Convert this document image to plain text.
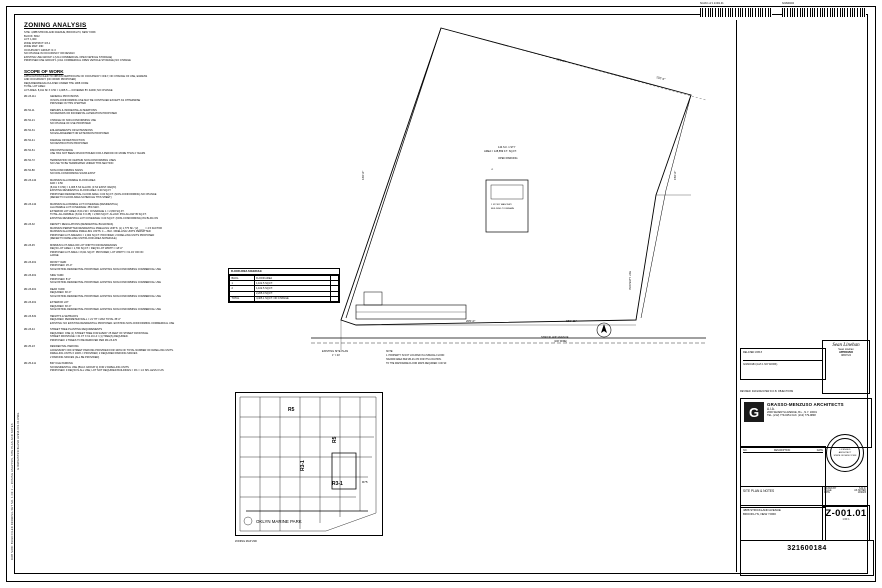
SCAN 1 of 1 Z-001.01	321600184
DOB NOW: BUILD FILED DRAWING SET NO. 1 OF 1 — ZONING ANALYSIS, SITE PLAN AND NOTES G:\DWG\STRICKLAND AVE\Z-001.01.DWG
ZONING ANALYSIS
SITE: 4,888 STRICKLAND AVENUE, BROOKLYN, NEW YORK
BLOCK: 8612
LOT: 1,000
ZONE DISTRICT: R3-1
ZONE MAP: 23D
OCCUPANCY GROUP: R-3
NO CHANGE IN OCCUPANCY OR DESIGN
EXISTING USE GROUP 1 (UG1 COMMERCIAL OPEN VEHICLE STORAGE)
PROPOSED USE GROUP 1 (UG1 COMMERCIAL OPEN VEHICLE STORAGE) NO CHANGE
SCOPE OF WORK
APPLICATION FILED TO OBTAIN CERTIFICATE OF OCCUPANCY ONLY; NO CHANGE OF USE, EGRESS
AND OCCUPANCY (NO WORK PROPOSED)
REQUIRED/RECALCULATED UNDER THE 1968 CODE
TOTAL LOT AREA:
LOT AREA: 8,011 SF X 0.50 = 4,005.5 — COVERED BY ZARD; NO CHANGE
ZR-23-111	GENERAL PROVISIONS
IN NON-CONFORMING USE MAY BE CONTINUED EXCEPT AS OTHERWISE
PROVIDED IN THIS CHAPTER
ZR-52-11	REPAIRS & INCIDENTAL ALTERATIONS
NO REPAIRS OR INCIDENTAL ALTERATION PROPOSED
ZR-52-21	CHANGE OF NON-CONFORMING USE
NO CHANGE OF USE PROPOSED
ZR-52-31	ENLARGEMENTS OR EXTENSIONS
NO ENLARGEMENT OR EXTENSION PROPOSED
ZR-52-41	DAMAGE OR DESTRUCTION
NO DESTRUCTION PROPOSED
ZR-52-61	DISCONTINUANCE
USE HAS NOT BEEN DISCONTINUED FOR A PERIOD OF MORE THAN 2 YEARS
ZR-52-72	TERMINATION OF CERTAIN NON-CONFORMING USES
NO USE TO BE TERMINATED UNDER THIS SECTION
ZR-52-80	NON-CONFORMING SIGNS
NO NON-CONFORMING SIGNS EXIST
ZR-23-142	MAXIMUM ALLOWABLE FLOOR AREA:
FAR = 0.50
(8,011 X 0.50) = 4,005.5 SF ALLOW. (0 SF EXIST. REQ'D)
EXISTING RESIDENTIAL FLOOR AREA: 0.00 SQ.FT.
PROPOSED RESIDENTIAL FLOOR AREA: 0.00 SQ.FT. (NON-CONFORMING) NO CHANGE
(REFER TO FLOOR AREA SCHEDULE THIS SHEET)
ZR-23-142	MAXIMUM ALLOWABLE LOT COVERAGE (RESIDENTIAL)
ALLOWABLE LOT COVERAGE: 35% MAX.
EXTERIOR LOT AREA: 8,011 SF / COVERAGE 1 = 2,803 SQ.FT.
TOTAL ALLOWABLE: (8,011 X 0.35) = 2,803 SQ.FT. ALLOW. 35% ALLOW 35 SQ.FT.
EXISTING RESIDENTIAL LOT COVERAGE: 0.00 SQ.FT. (NON-CONFORMING) 0% BLDG ON
ZR-23-32	DENSITY REGULATIONS (RESIDENTIAL BUILDINGS)
MAXIMUM PERMITTED RESIDENTIAL DWELLING UNITS: (1) 1,775 SF / (2) ____ = 4.5 FACTOR
MAXIMUM ALLOWABLE DWELLING UNITS: 4 — BLK. DWELLING UNITS PERMITTED
PROPOSED LOT AREA/DU = 2,002 SQ.FT. PROVIDED; 2 DWELLING UNITS PROPOSED
(REFER TO DWELLING UNIT/FLOOR AREA SCHEDULE)
ZR-23-45	MINIMUM LOT AREA OR LOT WIDTH FOR RESIDENCES
REQ'D LOT AREA = 1,700 SQ.FT. / REQ'D LOT WIDTH = 18'-0"
PROPOSED LOT AREA = 8,011 SQ.FT. PROVIDED; LOT WIDTH = 61.19' OR ON
LARGE
ZR-23-461	FRONT YARD
PROPOSED: 15'-0"
NO EXISTING RESIDENTIAL PROPOSED. EXISTING NON-CONFORMING COMMERCIAL USE
ZR-23-461	SIDE YARD
PROPOSED: 8'-0"
NO EXISTING RESIDENTIAL PROPOSED. EXISTING NON-CONFORMING COMMERCIAL USE
ZR-23-461	REAR YARD
REQUIRED: 30'-0"
NO EXISTING RESIDENTIAL PROPOSED. EXISTING NON-CONFORMING COMMERCIAL USE
ZR-23-461	EXTERIOR LOT
REQUIRED: 30'-0"
NO EXISTING RESIDENTIAL PROPOSED. EXISTING NON-CONFORMING COMMERCIAL USE
ZR-23-631	HEIGHTS & SETBACKS
REQUIRED: PERIMETER WALL = 21' HT / MAX TOTAL 35'-0"
EXISTING: NO EXISTING RESIDENTIAL PROPOSED. EXISTING NON-CONFORMING COMMERCIAL USE
ZR-23-44	STREET TREE PLANTING REQUIREMENTS
REQUIRED: ONE (1) STREET TREE FOR EVERY 25 FEET OF STREET FRONTAGE.
STREET FRONTAGE = 61 FT X 61.19 LF / (1) TREE(S) REQUIRED.
PROPOSED: 2 TREES TO BE REMOVED PER ZR-23-470
ZR-25-23	RESIDENTIAL PARKING
ACCESSORY OFF-STREET PARKING PROVIDED FOR 100% OF TOTAL NUMBER OF DWELLING UNITS.
DWELLING UNITS X 100% = PROVIDED; 2 REQUIRED PARKING SPACES
2 PARKING SPACES (ALL BE PROVIDED)
ZR-25-411	BICYCLE PARKING
NO RESIDENTIAL USE (BULK GROUP 4) FOR 2 DWELLING UNITS
PROPOSED: 0 REQ'D IN ALL USE; LOT NOT REQUIRED BUILDINGS = 0% = 1.0 SPL LESS 0 U/S
191'-6"
102'-6"
160'-0"	150'-0"
205'-0"	686'-11"
144 S.F. 1 STY
AREA = 128,859 F.T. SQ.FT.
OPEN PARKING
⚠
1 STORY MASONRY
BUILDING TO REMAIN
STRICKLAND AVENUE
(100' WIDE)
EXISTING SITE PLAN
1" = 40'
NOTE:
1. PROPERTY IS NOT LOCATED IN A SPECIAL FLOOD
HAZARD AREA PER ZR-23-470 FOR ITS LOCATION.
TO THE MAP/FRAME FLOOR MAPS REQUIRED: 0.00 SF
PROPERTY LINE
FLOOR AREA SCHEDULE
BLDG.	FLOOR AREA	
1	1,102.5 SQ.FT.	
2	1,102.5 SQ.FT.	
	2,205.0 SQ.FT.	
TOTAL	4,405.1 SQ.FT. NO CHANGE	
R5
R5
R3-1
R3-1
R75
OKLYN MARINE PARK
ZONING MAP 23D
RELATED JOB #
321600184 (ALT-1 NO WORK)
Sean Linehan
Sean Linehan
APPROVED
08/07/24
REVISED: 04/19/2024 PER D.O.B. OBJECTIONS
G	GRASSO-MENZUSO ARCHITECTS
A.I.A.
2600 SEVENTH AVENUE, B.L., N.Y. 10001
TEL. (212) 779-0251 FAX. (212) 779-9848
LICENSED
ARCHITECT
STATE OF NEW YORK
NO.	DESCRIPTION	DATE
SITE PLAN & NOTES
4888 STRICKLAND AVENUE
BROOKLYN, NEW YORK
DRAWN BY	S.M.D.
SCALE	AS NOTED
DATE	10/2023
Z-001.01
1 OF 1
321600184
